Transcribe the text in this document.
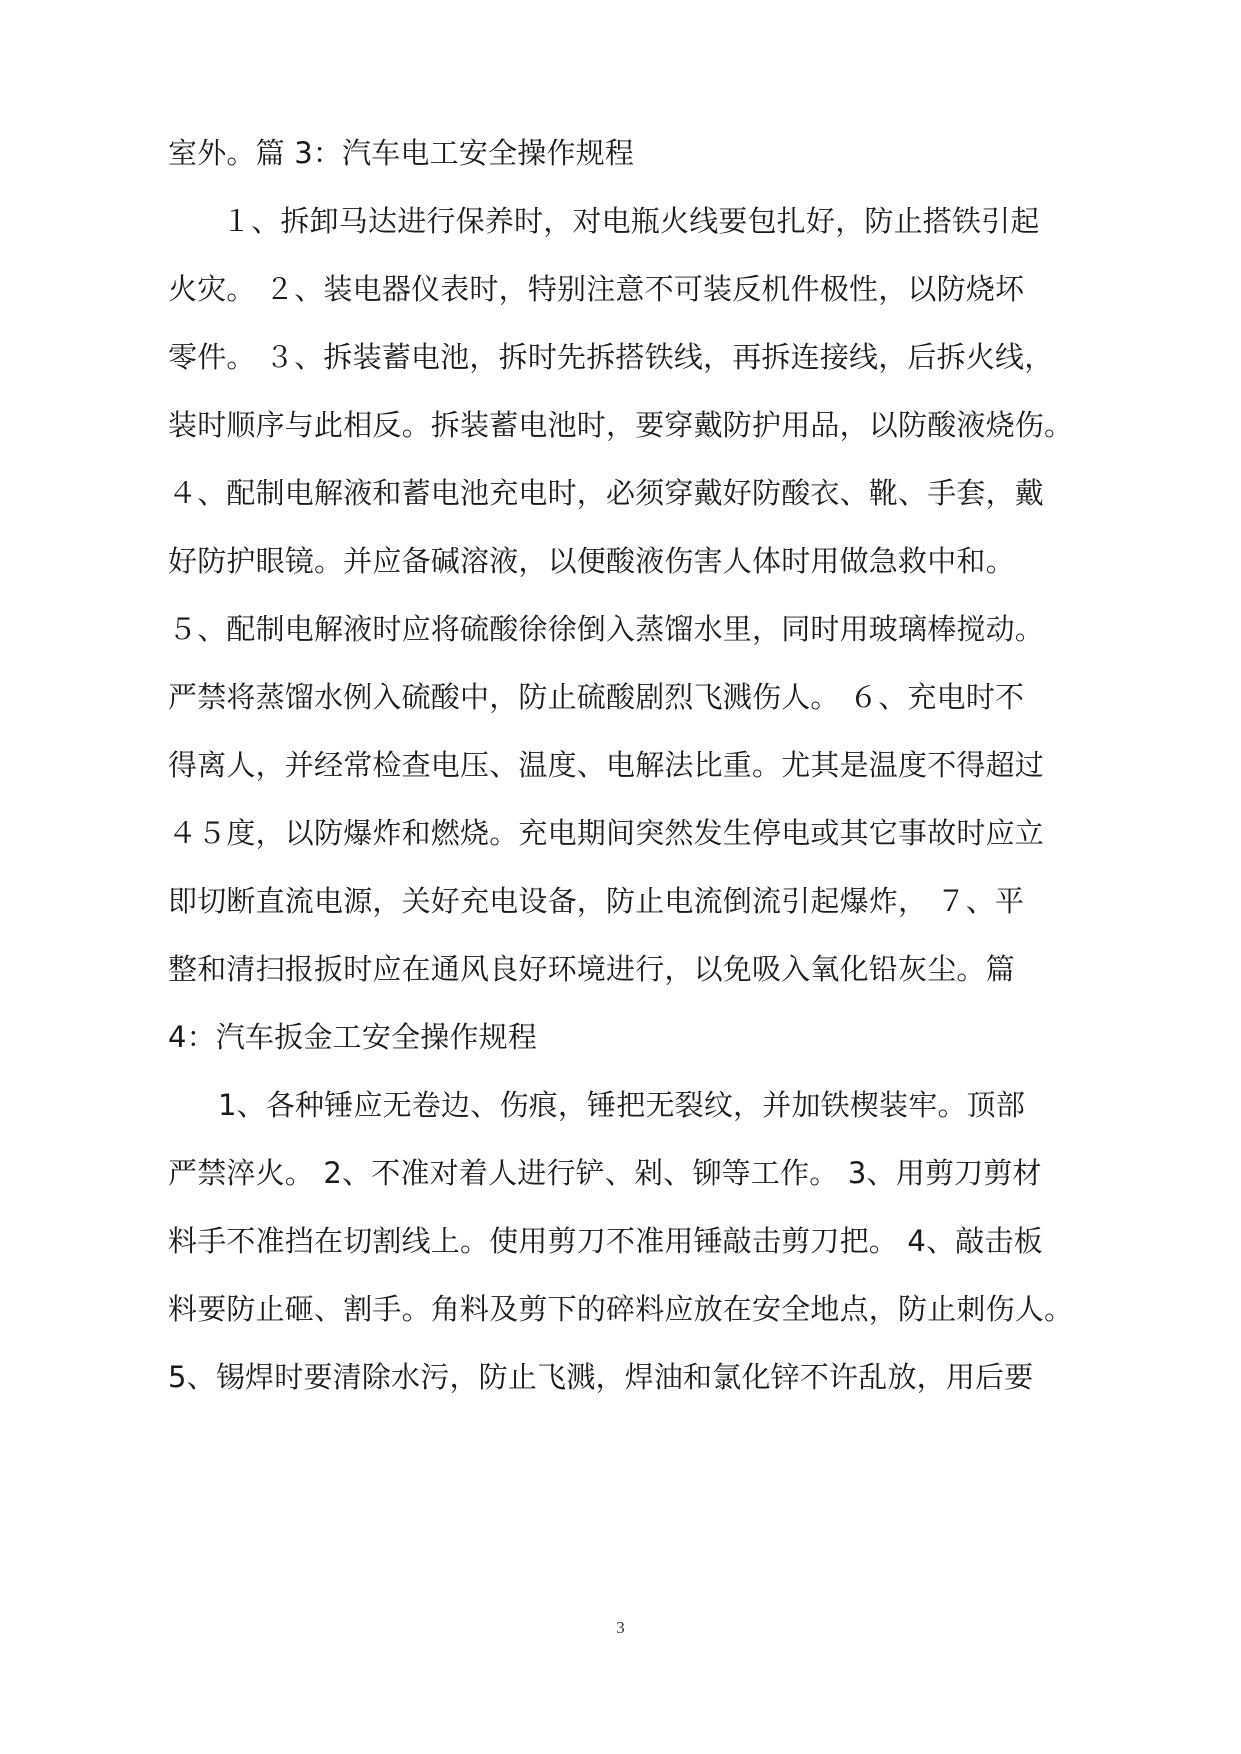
室外。篇 3：汽车电工安全操作规程
１、拆卸马达进行保养时，对电瓶火线要包扎好，防止搭铁引起
火灾。 ２、装电器仪表时，特别注意不可装反机件极性，以防烧坏
零件。 ３、拆装蓄电池，拆时先拆搭铁线，再拆连接线，后拆火线，
装时顺序与此相反。拆装蓄电池时，要穿戴防护用品，以防酸液烧伤。
４、配制电解液和蓄电池充电时，必须穿戴好防酸衣、靴、手套，戴
好防护眼镜。并应备碱溶液，以便酸液伤害人体时用做急救中和。
５、配制电解液时应将硫酸徐徐倒入蒸馏水里，同时用玻璃棒搅动。
严禁将蒸馏水例入硫酸中，防止硫酸剧烈飞溅伤人。 ６、充电时不
得离人，并经常检查电压、温度、电解法比重。尤其是温度不得超过
４５度，以防爆炸和燃烧。充电期间突然发生停电或其它事故时应立
即切断直流电源，关好充电设备，防止电流倒流引起爆炸， ７、平
整和清扫报扳时应在通风良好环境进行，以免吸入氧化铅灰尘。篇
4：汽车扳金工安全操作规程
1、各种锤应无卷边、伤痕，锤把无裂纹，并加铁楔装牢。顶部
严禁淬火。 2、不准对着人进行铲、剁、铆等工作。 3、用剪刀剪材
料手不准挡在切割线上。使用剪刀不准用锤敲击剪刀把。 4、敲击板
料要防止砸、割手。角料及剪下的碎料应放在安全地点，防止刺伤人。
5、锡焊时要清除水污，防止飞溅，焊油和氯化锌不许乱放，用后要
3
